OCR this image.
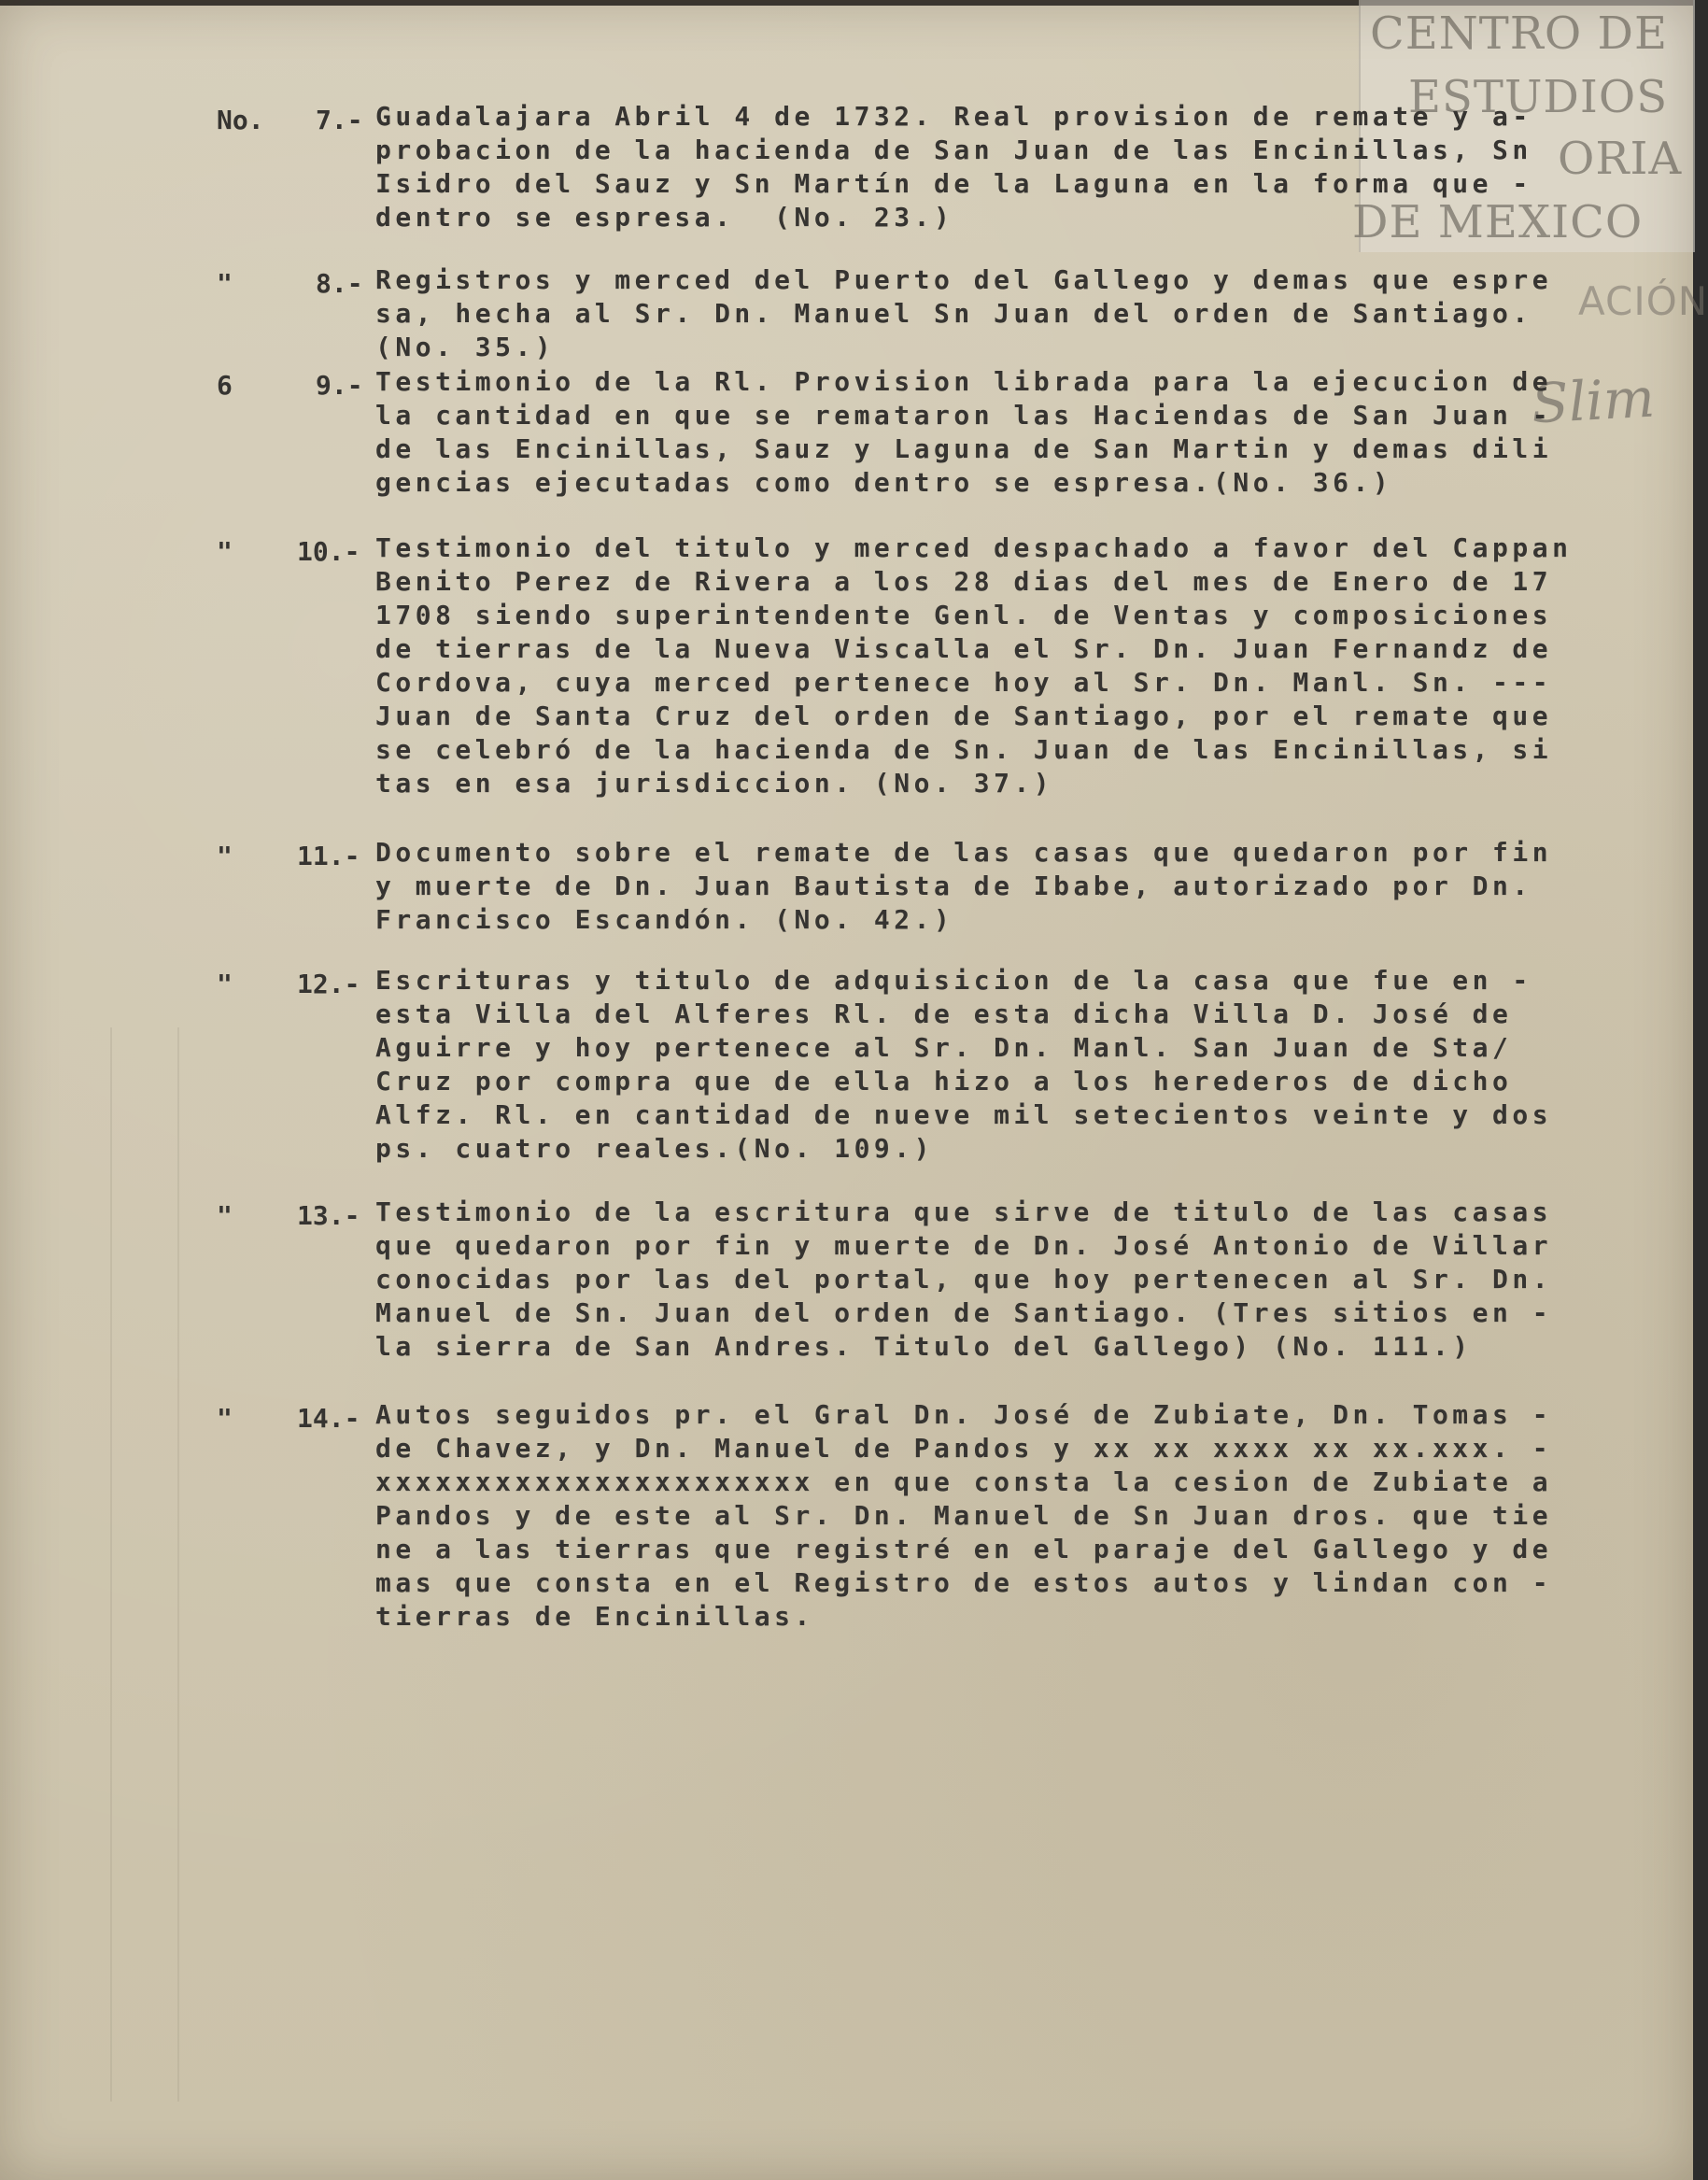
CENTRO DE
ESTUDIOS
ORIA
DE MEXICO
ACIÓN
Slim
No.
"
6
"
"
"
"
"
7.-

Guadalajara Abril 4 de 1732. Real provision de remate y a-

probacion de la hacienda de San Juan de las Encinillas, Sn

Isidro del Sauz y Sn Martín de la Laguna en la forma que -

dentro se espresa.  (No. 23.)

8.-

Registros y merced del Puerto del Gallego y demas que espre

sa, hecha al Sr. Dn. Manuel Sn Juan del orden de Santiago.

(No. 35.)

9.-

Testimonio de la Rl. Provision librada para la ejecucion de

la cantidad en que se remataron las Haciendas de San Juan -

de las Encinillas, Sauz y Laguna de San Martin y demas dili

gencias ejecutadas como dentro se espresa.(No. 36.)

10.-

Testimonio del titulo y merced despachado a favor del Cappan

Benito Perez de Rivera a los 28 dias del mes de Enero de 17

1708 siendo superintendente Genl. de Ventas y composiciones

de tierras de la Nueva Viscalla el Sr. Dn. Juan Fernandz de

Cordova, cuya merced pertenece hoy al Sr. Dn. Manl. Sn. ---

Juan de Santa Cruz del orden de Santiago, por el remate que

se celebró de la hacienda de Sn. Juan de las Encinillas, si

tas en esa jurisdiccion. (No. 37.)

11.-

Documento sobre el remate de las casas que quedaron por fin

y muerte de Dn. Juan Bautista de Ibabe, autorizado por Dn.

Francisco Escandón. (No. 42.)

12.-

Escrituras y titulo de adquisicion de la casa que fue en -

esta Villa del Alferes Rl. de esta dicha Villa D. José de

Aguirre y hoy pertenece al Sr. Dn. Manl. San Juan de Sta/

Cruz por compra que de ella hizo a los herederos de dicho

Alfz. Rl. en cantidad de nueve mil setecientos veinte y dos

ps. cuatro reales.(No. 109.)

13.-

Testimonio de la escritura que sirve de titulo de las casas

que quedaron por fin y muerte de Dn. José Antonio de Villar

conocidas por las del portal, que hoy pertenecen al Sr. Dn.

Manuel de Sn. Juan del orden de Santiago. (Tres sitios en -

la sierra de San Andres. Titulo del Gallego) (No. 111.)

14.-

Autos seguidos pr. el Gral Dn. José de Zubiate, Dn. Tomas -

de Chavez, y Dn. Manuel de Pandos y xx xx xxxx xx xx.xxx. -

xxxxxxxxxxxxxxxxxxxxxx en que consta la cesion de Zubiate a

Pandos y de este al Sr. Dn. Manuel de Sn Juan dros. que tie

ne a las tierras que registré en el paraje del Gallego y de

mas que consta en el Registro de estos autos y lindan con -

tierras de Encinillas.
